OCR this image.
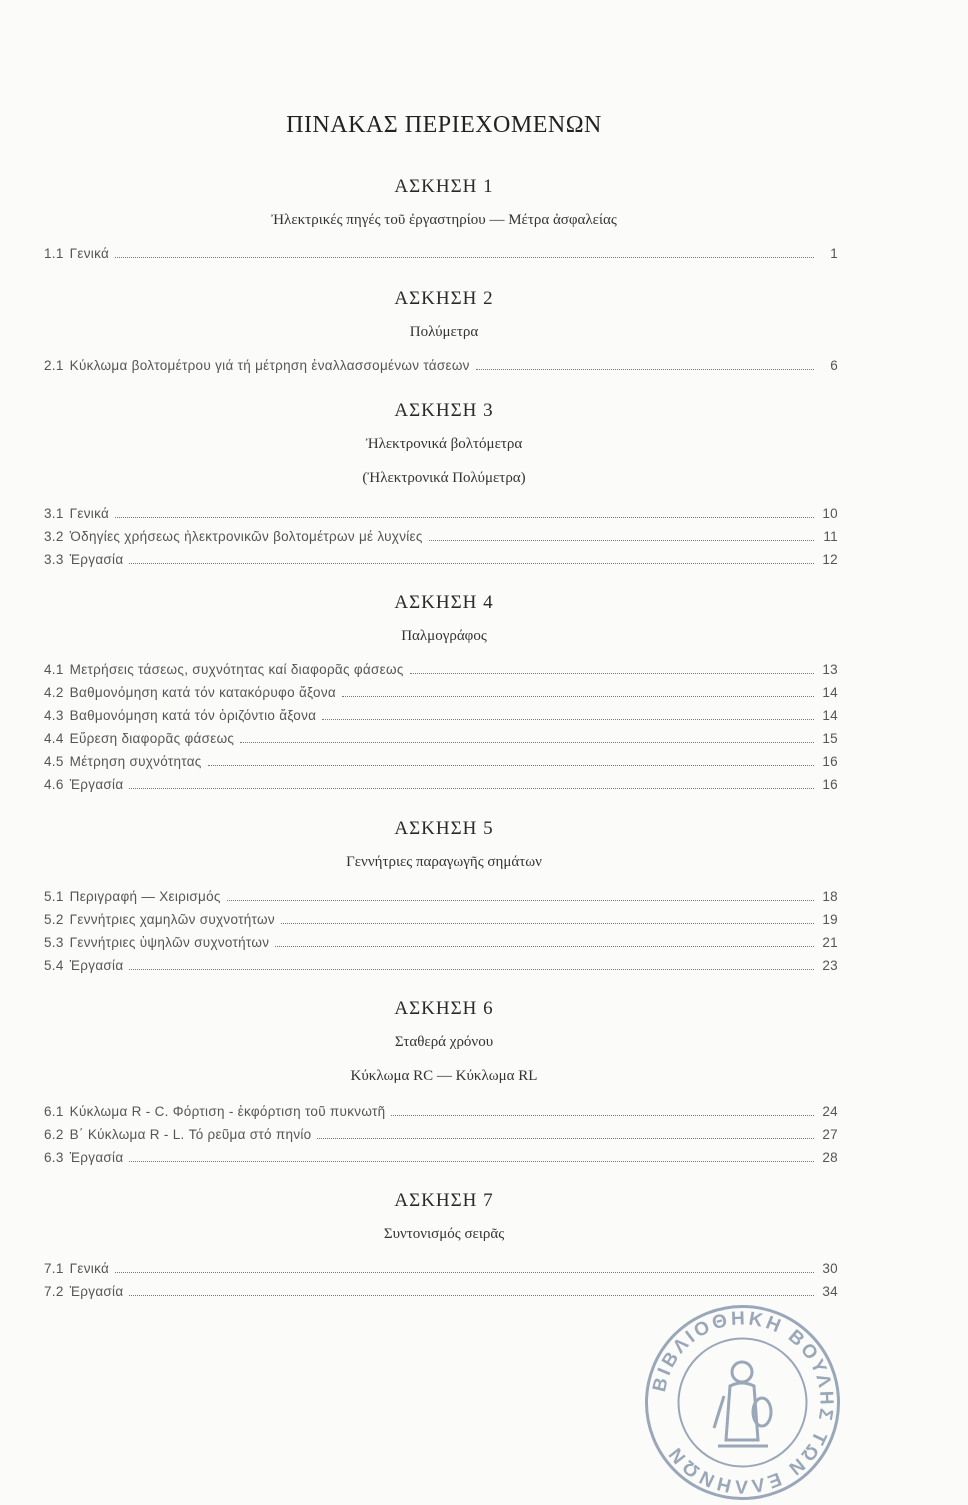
ΠΙΝΑΚΑΣ ΠΕΡΙΕΧΟΜΕΝΩΝ
ΑΣΚΗΣΗ 1
Ἠλεκτρικές πηγές τοῦ ἐργαστηρίου — Μέτρα ἀσφαλείας
1.1 Γενικά	1
ΑΣΚΗΣΗ 2
Πολύμετρα
2.1 Κύκλωμα βολτομέτρου γιά τή μέτρηση ἐναλλασσομένων τάσεων	6
ΑΣΚΗΣΗ 3
Ἠλεκτρονικά βολτόμετρα
(Ἠλεκτρονικά Πολύμετρα)
3.1 Γενικά	10
3.2 Ὁδηγίες χρήσεως ἠλεκτρονικῶν βολτομέτρων μέ λυχνίες	11
3.3 Ἐργασία	12
ΑΣΚΗΣΗ 4
Παλμογράφος
4.1 Μετρήσεις τάσεως, συχνότητας καί διαφορᾶς φάσεως	13
4.2 Βαθμονόμηση κατά τόν κατακόρυφο ἄξονα	14
4.3 Βαθμονόμηση κατά τόν ὁριζόντιο ἄξονα	14
4.4 Εὕρεση διαφορᾶς φάσεως	15
4.5 Μέτρηση συχνότητας	16
4.6 Ἐργασία	16
ΑΣΚΗΣΗ 5
Γεννήτριες παραγωγῆς σημάτων
5.1 Περιγραφή — Χειρισμός	18
5.2 Γεννήτριες χαμηλῶν συχνοτήτων	19
5.3 Γεννήτριες ὑψηλῶν συχνοτήτων	21
5.4 Ἐργασία	23
ΑΣΚΗΣΗ 6
Σταθερά χρόνου
Κύκλωμα RC — Κύκλωμα RL
6.1 Κύκλωμα R - C. Φόρτιση - ἐκφόρτιση τοῦ πυκνωτῆ	24
6.2 Β΄ Κύκλωμα R - L. Τό ρεῦμα στό πηνίο	27
6.3 Ἐργασία	28
ΑΣΚΗΣΗ 7
Συντονισμός σειρᾶς
7.1 Γενικά	30
7.2 Ἐργασία	34
ΒΙΒΛΙΟΘΗΚΗ ΒΟΥΛΗΣ ΤΩΝ ΕΛΛΗΝΩΝ
